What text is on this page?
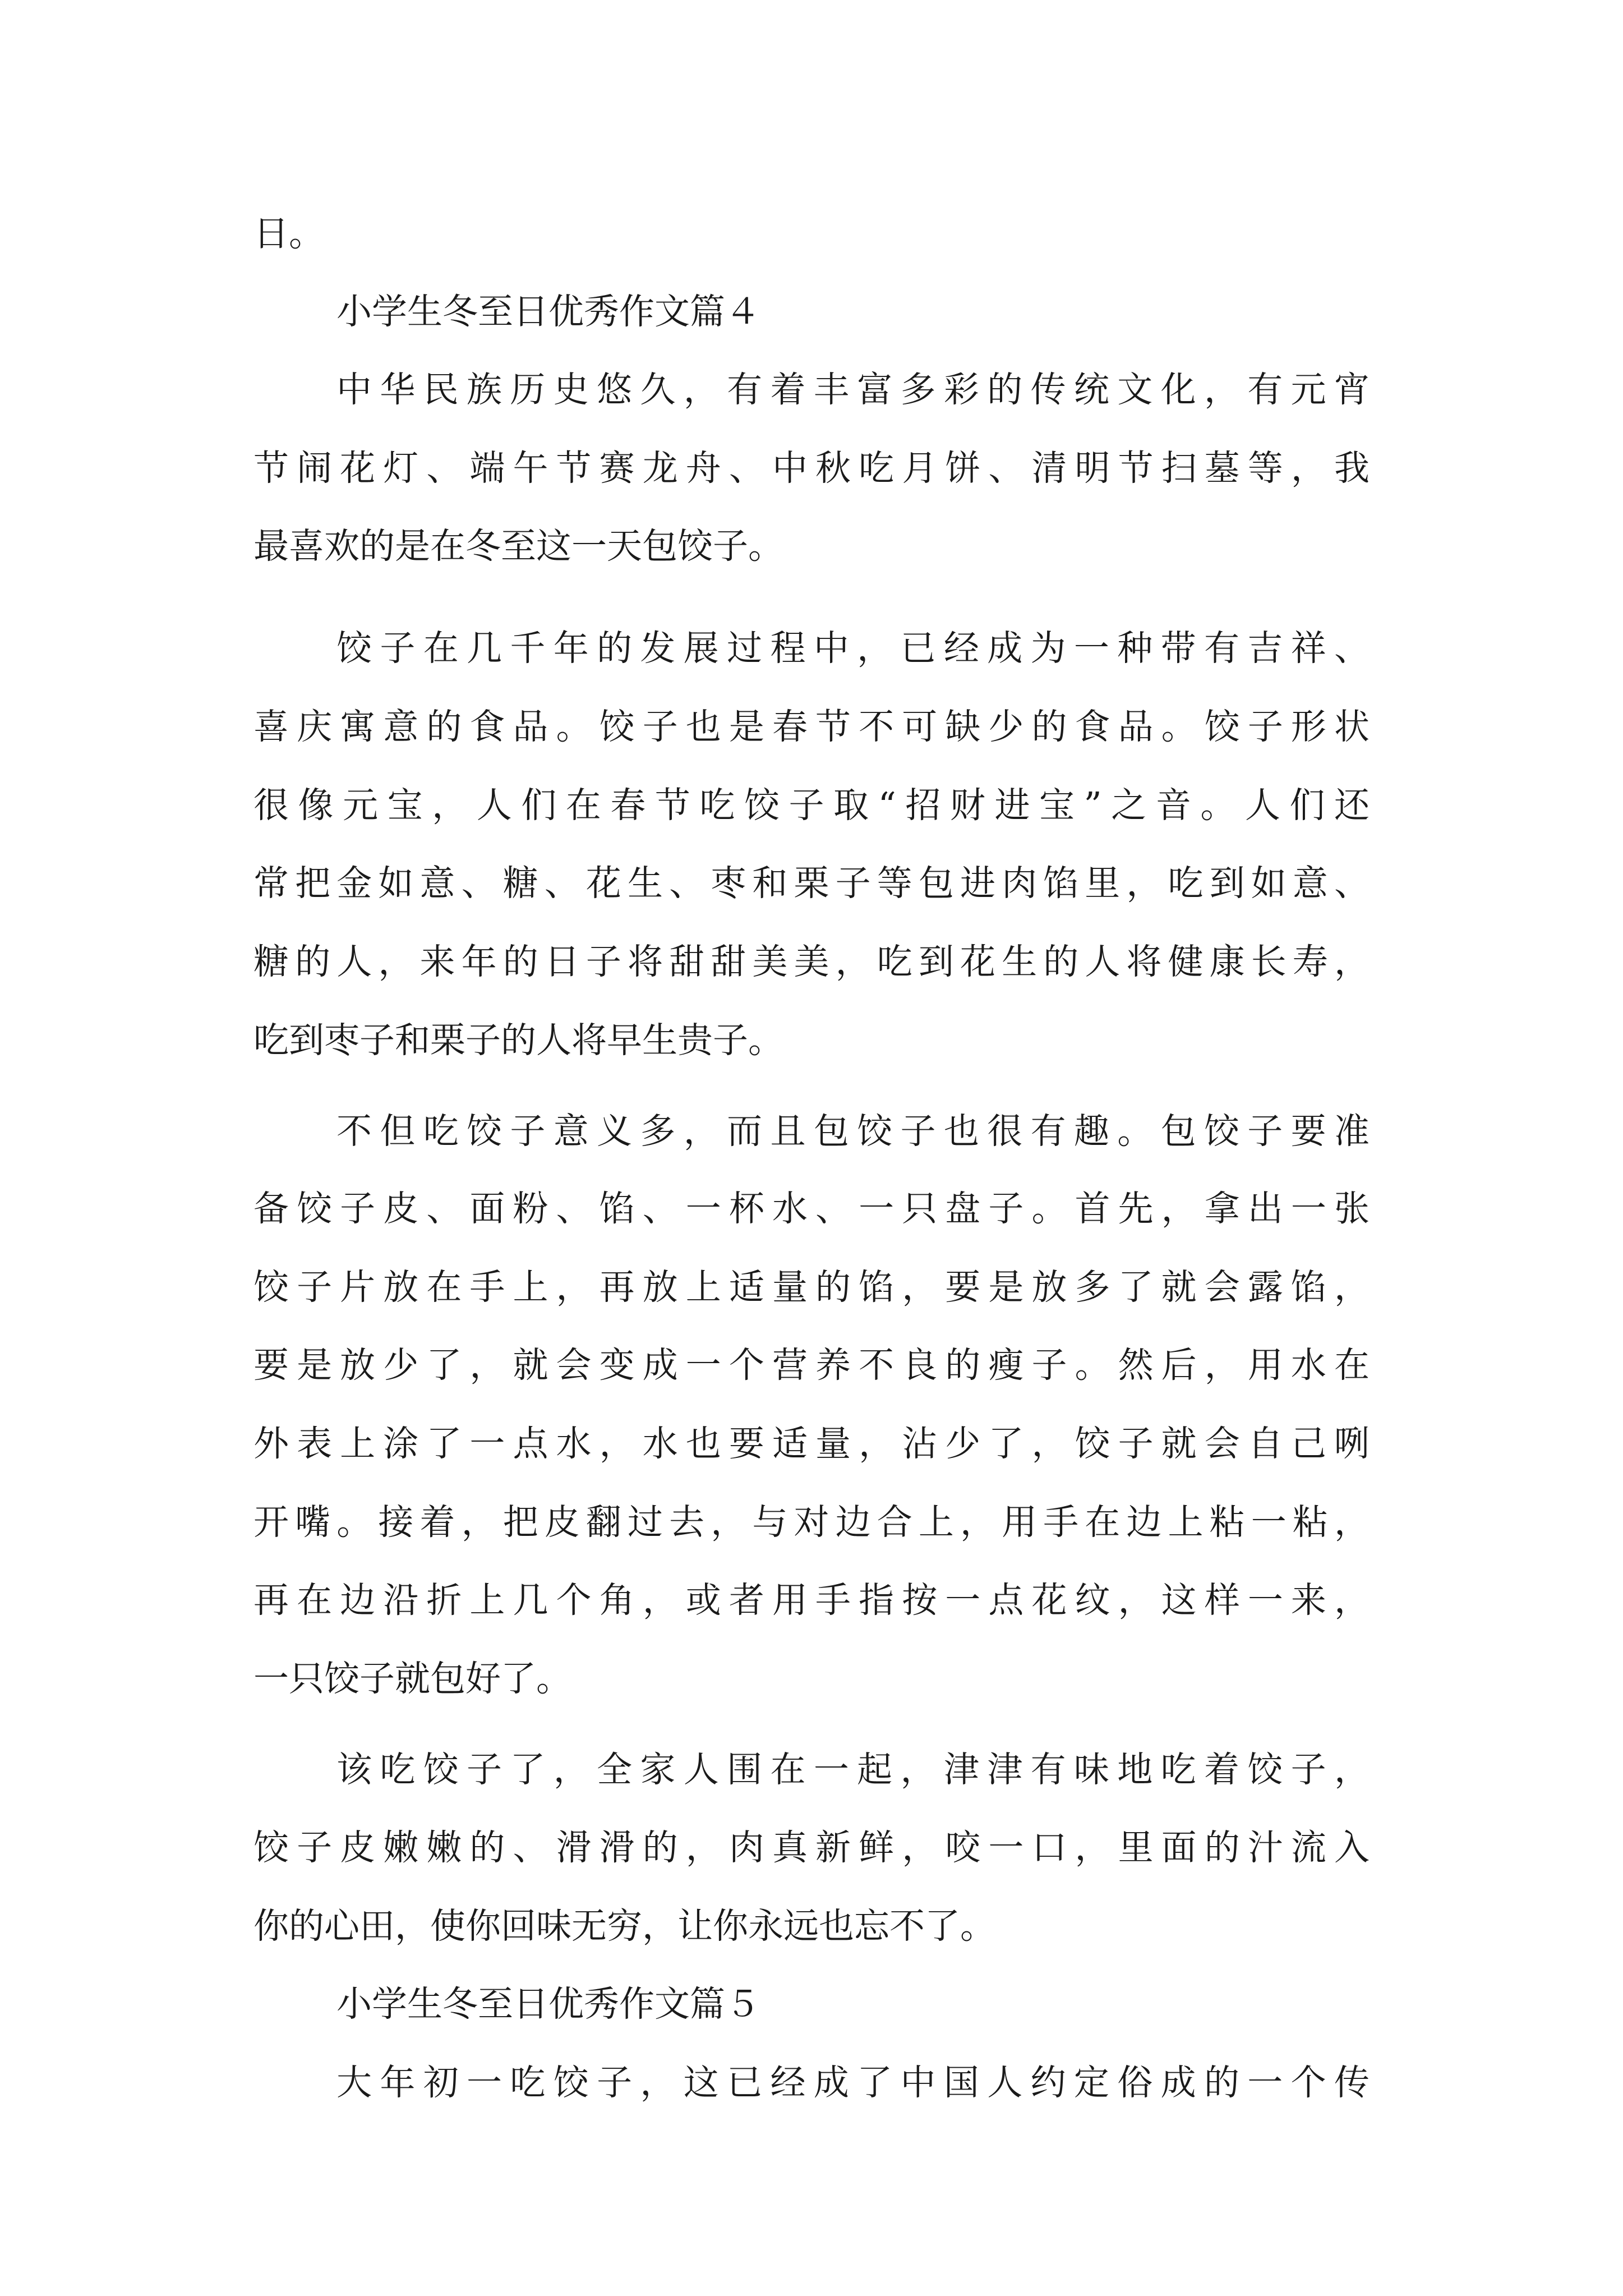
日。
小学生冬至日优秀作文篇４
中华民族历史悠久，有着丰富多彩的传统文化，有元宵
节闹花灯、端午节赛龙舟、中秋吃月饼、清明节扫墓等，我
最喜欢的是在冬至这一天包饺子。
饺子在几千年的发展过程中，已经成为一种带有吉祥、
喜庆寓意的食品。饺子也是春节不可缺少的食品。饺子形状
很像元宝，人们在春节吃饺子取“招财进宝”之音。人们还
常把金如意、糖、花生、枣和栗子等包进肉馅里，吃到如意、
糖的人，来年的日子将甜甜美美，吃到花生的人将健康长寿，
吃到枣子和栗子的人将早生贵子。
不但吃饺子意义多，而且包饺子也很有趣。包饺子要准
备饺子皮、面粉、馅、一杯水、一只盘子。首先，拿出一张
饺子片放在手上，再放上适量的馅，要是放多了就会露馅，
要是放少了，就会变成一个营养不良的瘦子。然后，用水在
外表上涂了一点水，水也要适量，沾少了，饺子就会自己咧
开嘴。接着，把皮翻过去，与对边合上，用手在边上粘一粘，
再在边沿折上几个角，或者用手指按一点花纹，这样一来，
一只饺子就包好了。
该吃饺子了，全家人围在一起，津津有味地吃着饺子，
饺子皮嫩嫩的、滑滑的，肉真新鲜，咬一口，里面的汁流入
你的心田，使你回味无穷，让你永远也忘不了。
小学生冬至日优秀作文篇５
大年初一吃饺子，这已经成了中国人约定俗成的一个传
